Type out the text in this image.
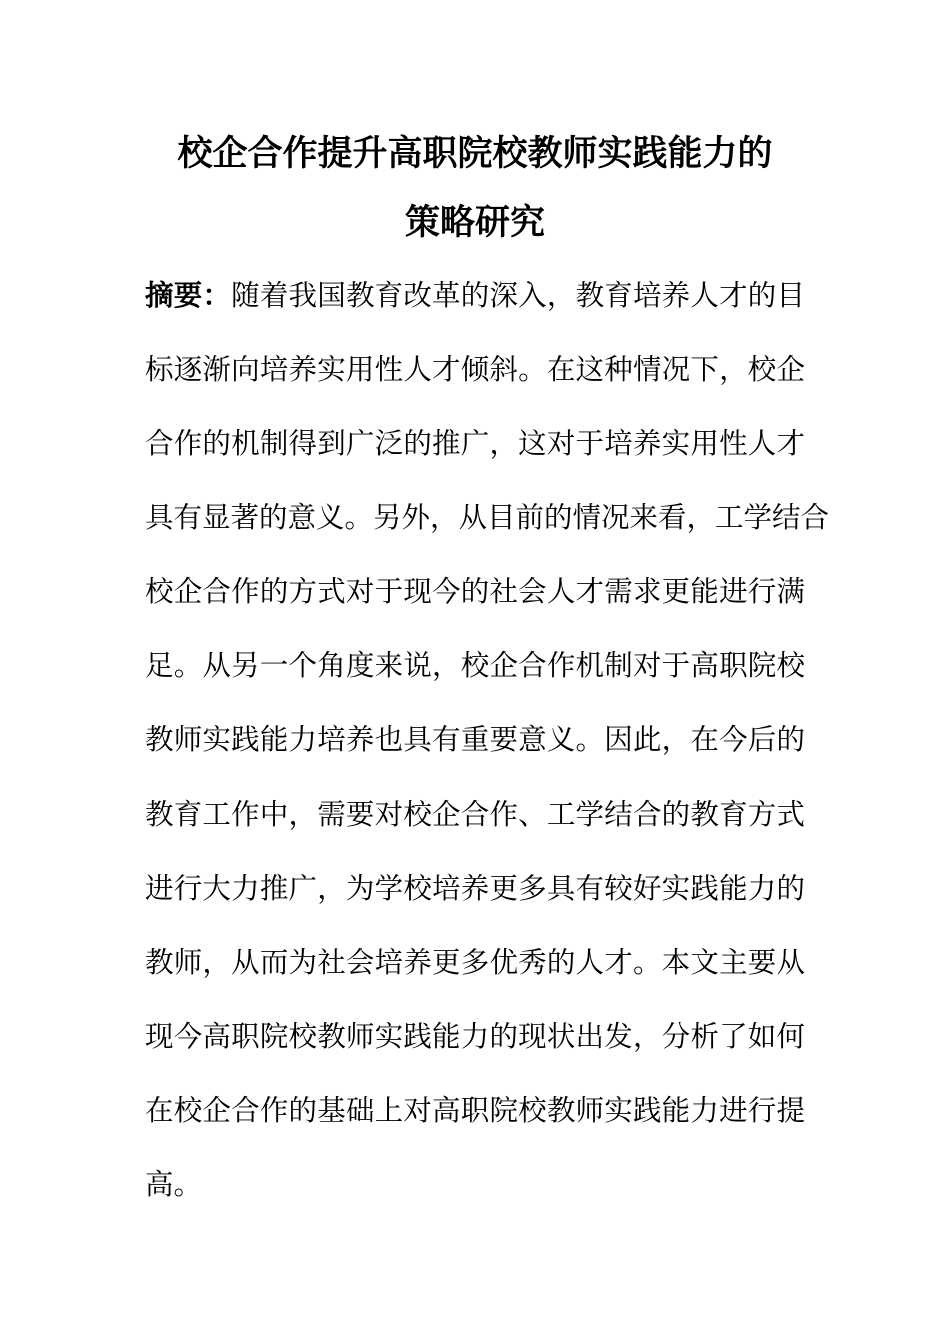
校企合作提升高职院校教师实践能力的
策略研究
摘要：随着我国教育改革的深入，教育培养人才的目
标逐渐向培养实用性人才倾斜。在这种情况下，校企
合作的机制得到广泛的推广，这对于培养实用性人才
具有显著的意义。另外，从目前的情况来看，工学结合
校企合作的方式对于现今的社会人才需求更能进行满
足。从另一个角度来说，校企合作机制对于高职院校
教师实践能力培养也具有重要意义。因此，在今后的
教育工作中，需要对校企合作、工学结合的教育方式
进行大力推广，为学校培养更多具有较好实践能力的
教师，从而为社会培养更多优秀的人才。本文主要从
现今高职院校教师实践能力的现状出发，分析了如何
在校企合作的基础上对高职院校教师实践能力进行提
高。
